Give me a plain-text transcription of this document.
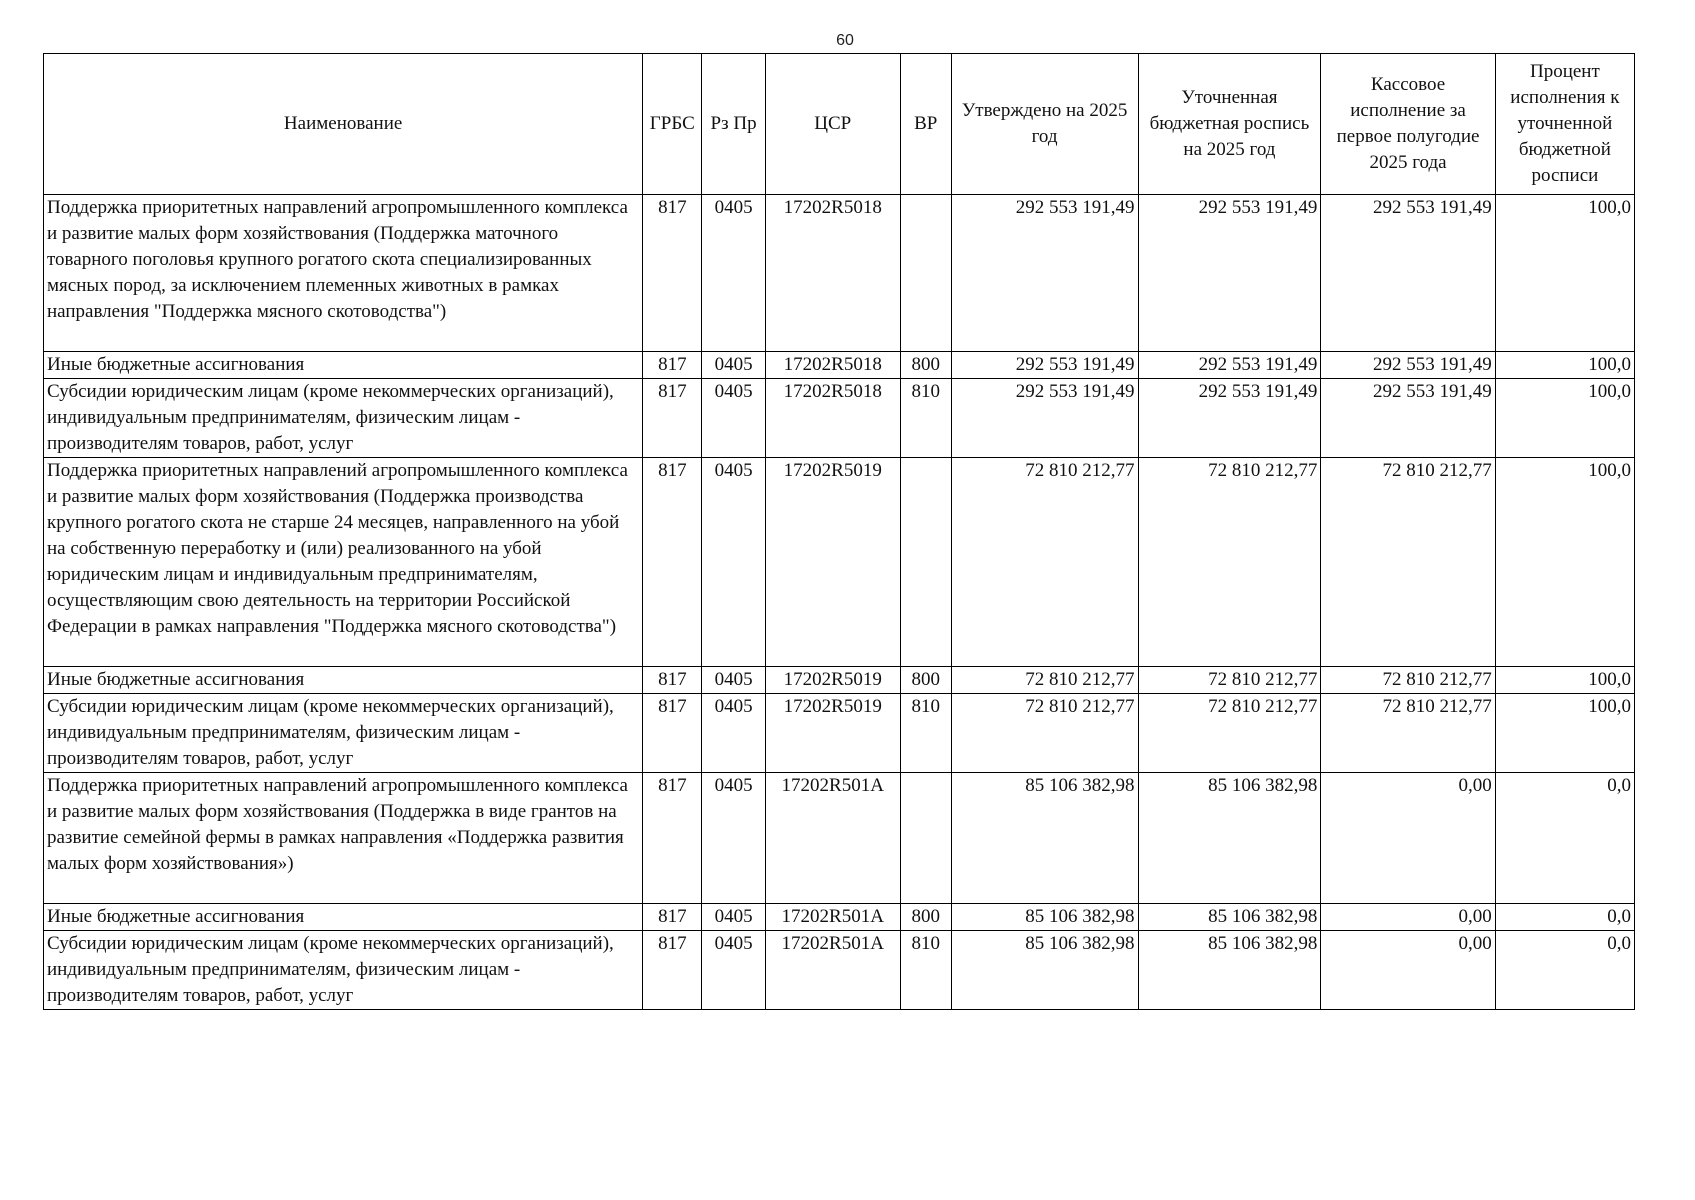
60
Наименование	ГРБС	Рз Пр	ЦСР	ВР	Утверждено на 2025 год	Уточненная бюджетная роспись на 2025 год	Кассовое исполнение за первое полугодие 2025 года	Процент исполнения к уточненной бюджетной росписи
Поддержка приоритетных направлений агропромышленного комплекса и развитие малых форм хозяйствования (Поддержка маточного товарного поголовья крупного рогатого скота специализированных мясных пород, за исключением племенных животных в рамках направления "Поддержка мясного скотоводства")	817	0405	17202R5018		292 553 191,49	292 553 191,49	292 553 191,49	100,0
Иные бюджетные ассигнования	817	0405	17202R5018	800	292 553 191,49	292 553 191,49	292 553 191,49	100,0
Субсидии юридическим лицам (кроме некоммерческих организаций), индивидуальным предпринимателям, физическим лицам - производителям товаров, работ, услуг	817	0405	17202R5018	810	292 553 191,49	292 553 191,49	292 553 191,49	100,0
Поддержка приоритетных направлений агропромышленного комплекса и развитие малых форм хозяйствования (Поддержка производства крупного рогатого скота не старше 24 месяцев, направленного на убой на собственную переработку и (или) реализованного на убой юридическим лицам и индивидуальным предпринимателям, осуществляющим свою деятельность на территории Российской Федерации в рамках направления "Поддержка мясного скотоводства")	817	0405	17202R5019		72 810 212,77	72 810 212,77	72 810 212,77	100,0
Иные бюджетные ассигнования	817	0405	17202R5019	800	72 810 212,77	72 810 212,77	72 810 212,77	100,0
Субсидии юридическим лицам (кроме некоммерческих организаций), индивидуальным предпринимателям, физическим лицам - производителям товаров, работ, услуг	817	0405	17202R5019	810	72 810 212,77	72 810 212,77	72 810 212,77	100,0
Поддержка приоритетных направлений агропромышленного комплекса и развитие малых форм хозяйствования (Поддержка в виде грантов на развитие семейной фермы в рамках направления «Поддержка развития малых форм хозяйствования»)	817	0405	17202R501A		85 106 382,98	85 106 382,98	0,00	0,0
Иные бюджетные ассигнования	817	0405	17202R501A	800	85 106 382,98	85 106 382,98	0,00	0,0
Субсидии юридическим лицам (кроме некоммерческих организаций), индивидуальным предпринимателям, физическим лицам - производителям товаров, работ, услуг	817	0405	17202R501A	810	85 106 382,98	85 106 382,98	0,00	0,0
